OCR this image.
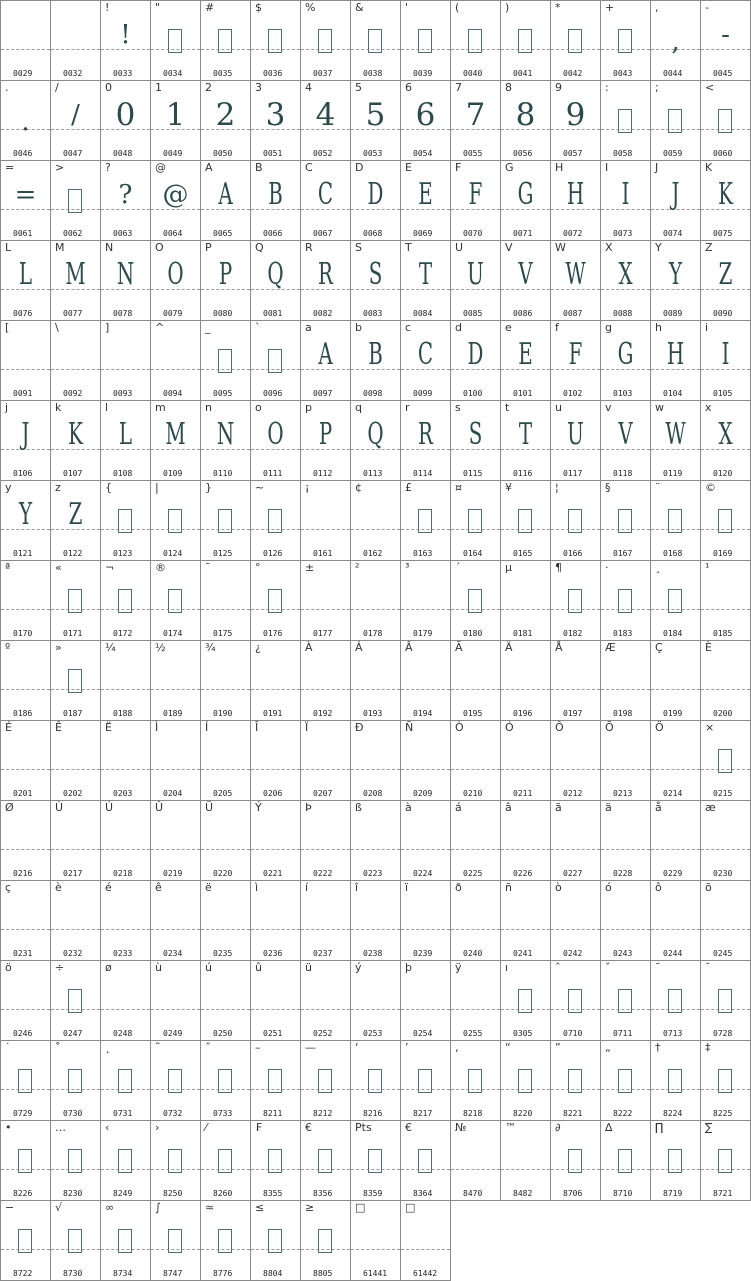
0029	0032
!
!
0033
"
0034
#
0035
$
0036
%
0037
&
0038
'
0039
(
0040
)
0041
*
0042
+
0043
,
,
0044
-
-
0045
.
.
0046
/
/
0047
0
0
0048
1
1
0049
2
2
0050
3
3
0051
4
4
0052
5
5
0053
6
6
0054
7
7
0055
8
8
0056
9
9
0057
:
0058
;
0059
<
0060
=
=
0061
>
0062
?
?
0063
@
@
0064
A
A
0065
B
B
0066
C
C
0067
D
D
0068
E
E
0069
F
F
0070
G
G
0071
H
H
0072
I
I
0073
J
J
0074
K
K
0075
L
L
0076
M
M
0077
N
N
0078
O
O
0079
P
P
0080
Q
Q
0081
R
R
0082
S
S
0083
T
T
0084
U
U
0085
V
V
0086
W
W
0087
X
X
0088
Y
Y
0089
Z
Z
0090
[
0091
\
0092
]
0093
^
0094
_
0095
`
0096
a
A
0097
b
B
0098
c
C
0099
d
D
0100
e
E
0101
f
F
0102
g
G
0103
h
H
0104
i
I
0105
j
J
0106
k
K
0107
l
L
0108
m
M
0109
n
N
0110
o
O
0111
p
P
0112
q
Q
0113
r
R
0114
s
S
0115
t
T
0116
u
U
0117
v
V
0118
w
W
0119
x
X
0120
y
Y
0121
z
Z
0122
{
0123
|
0124
}
0125
~
0126
¡
0161
¢
0162
£
0163
¤
0164
¥
0165
¦
0166
§
0167
¨
0168
©
0169
ª
0170
«
0171
¬
0172
®
0174
¯
0175
°
0176
±
0177
²
0178
³
0179
´
0180
µ
0181
¶
0182
·
0183
¸
0184
¹
0185
º
0186
»
0187
¼
0188
½
0189
¾
0190
¿
0191
À
0192
Á
0193
Â
0194
Ã
0195
Ä
0196
Å
0197
Æ
0198
Ç
0199
È
0200
É
0201
Ê
0202
Ë
0203
Ì
0204
Í
0205
Î
0206
Ï
0207
Ð
0208
Ñ
0209
Ò
0210
Ó
0211
Ô
0212
Õ
0213
Ö
0214
×
0215
Ø
0216
Ù
0217
Ú
0218
Û
0219
Ü
0220
Ý
0221
Þ
0222
ß
0223
à
0224
á
0225
â
0226
ã
0227
ä
0228
å
0229
æ
0230
ç
0231
è
0232
é
0233
ê
0234
ë
0235
ì
0236
í
0237
î
0238
ï
0239
ð
0240
ñ
0241
ò
0242
ó
0243
ô
0244
õ
0245
ö
0246
÷
0247
ø
0248
ù
0249
ú
0250
û
0251
ü
0252
ý
0253
þ
0254
ÿ
0255
ı
0305
ˆ
0710
ˇ
0711
ˉ
0713
˘
0728
˙
0729
˚
0730
˛
0731
˜
0732
˝
0733
–
8211
—
8212
‘
8216
’
8217
‚
8218
“
8220
”
8221
„
8222
†
8224
‡
8225
•
8226
…
8230
‹
8249
›
8250
⁄
8260
₣
8355
€
8356
Pts
8359
€
8364
№
8470
™
8482
∂
8706
∆
8710
∏
8719
∑
8721
−
8722
√
8730
∞
8734
∫
8747
≈
8776
≤
8804
≥
8805
□
61441
□
61442
